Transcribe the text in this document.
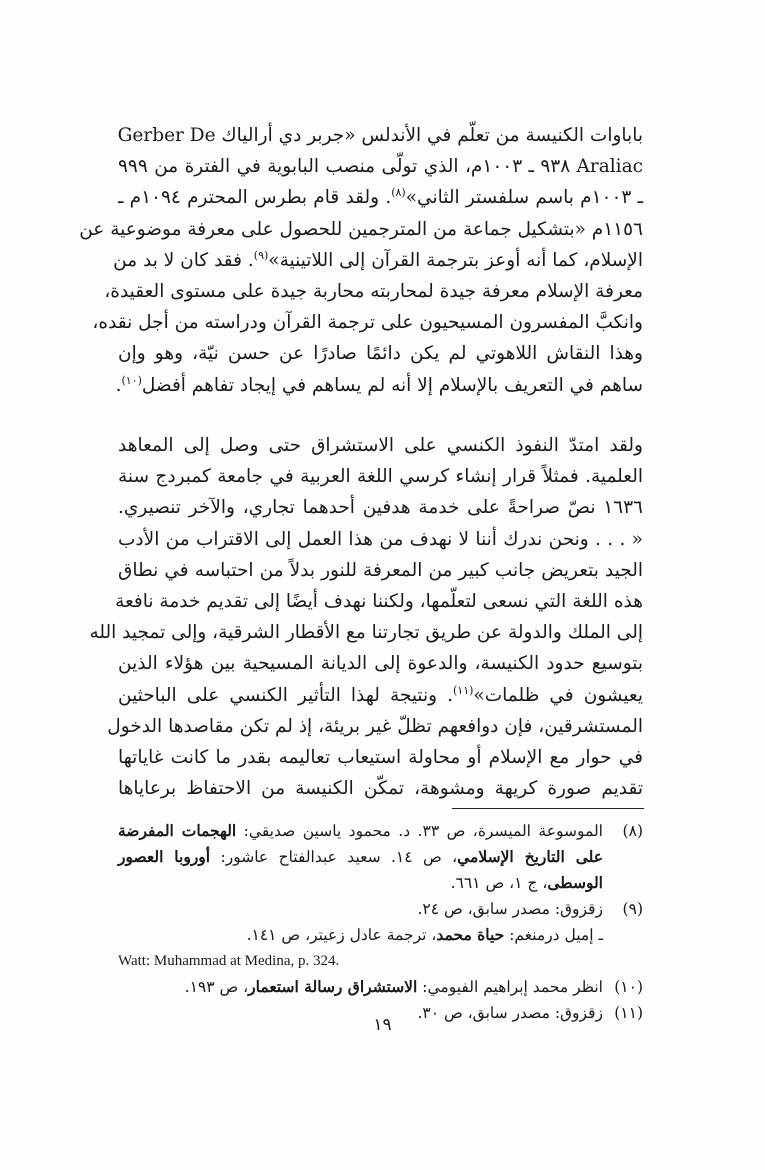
باباوات الكنيسة من تعلّم في الأندلس «جربر دي أرالياك Gerber De
Araliac ٩٣٨ ـ ١٠٠٣م، الذي تولّى منصب البابوية في الفترة من ٩٩٩
ـ ١٠٠٣م باسم سلفستر الثاني»$^{(٨)}$. ولقد قام بطرس المحترم ١٠٩٤م ـ
١١٥٦م «بتشكيل جماعة من المترجمين للحصول على معرفة موضوعية عن
الإسلام، كما أنه أوعز بترجمة القرآن إلى اللاتينية»$^{(٩)}$. فقد كان لا بد من
معرفة الإسلام معرفة جيدة لمحاربته محاربة جيدة على مستوى العقيدة،
وانكبَّ المفسرون المسيحيون على ترجمة القرآن ودراسته من أجل نقده،
وهذا النقاش اللاهوتي لم يكن دائمًا صادرًا عن حسن نيّة، وهو وإن
ساهم في التعريف بالإسلام إلا أنه لم يساهم في إيجاد تفاهم أفضل$^{(١٠)}$.

ولقد امتدّ النفوذ الكنسي على الاستشراق حتى وصل إلى المعاهد
العلمية. فمثلاً قرار إنشاء كرسي اللغة العربية في جامعة كمبردج سنة
١٦٣٦ نصّ صراحةً على خدمة هدفين أحدهما تجاري، والآخر تنصيري.
« . . . ونحن ندرك أننا لا نهدف من هذا العمل إلى الاقتراب من الأدب
الجيد بتعريض جانب كبير من المعرفة للنور بدلاً من احتباسه في نطاق
هذه اللغة التي نسعى لتعلّمها، ولكننا نهدف أيضًا إلى تقديم خدمة نافعة
إلى الملك والدولة عن طريق تجارتنا مع الأقطار الشرقية، وإلى تمجيد الله
بتوسيع حدود الكنيسة، والدعوة إلى الديانة المسيحية بين هؤلاء الذين
يعيشون في ظلمات»$^{(١١)}$. ونتيجة لهذا التأثير الكنسي على الباحثين
المستشرقين، فإن دوافعهم تظلّ غير بريئة، إذ لم تكن مقاصدها الدخول
في حوار مع الإسلام أو محاولة استيعاب تعاليمه بقدر ما كانت غاياتها
تقديم صورة كريهة ومشوهة، تمكّن الكنيسة من الاحتفاظ برعاياها

(٨)
الموسوعة الميسرة، ص ٣٣. د. محمود ياسين صديقي: الهجمات المفرضة على التاريخ الإسلامي، ص ١٤. سعيد عبدالفتاح عاشور: أوروبا العصور الوسطى، ج ١، ص ٦٦١.
(٩)
زقزوق: مصدر سابق، ص ٢٤.
ـ إميل درمنغم: حياة محمد، ترجمة عادل زعيتر، ص ١٤١.
Watt: Muhammad at Medina, p. 324.
(١٠)
انظر محمد إبراهيم الفيومي: الاستشراق رسالة استعمار، ص ١٩٣.
(١١)
زقزوق: مصدر سابق، ص ٣٠.
١٩
